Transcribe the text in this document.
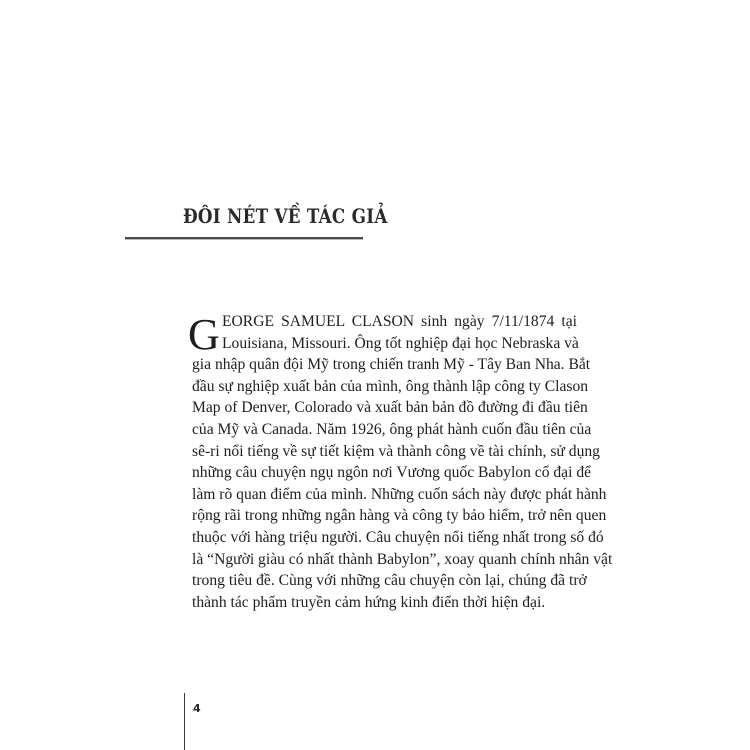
ĐÔI NÉT VỀ TÁC GIẢ
G EORGE SAMUEL CLASON sinh ngày 7/11/1874 tại
Louisiana, Missouri. Ông tốt nghiệp đại học Nebraska và
gia nhập quân đội Mỹ trong chiến tranh Mỹ - Tây Ban Nha. Bắt
đầu sự nghiệp xuất bản của mình, ông thành lập công ty Clason
Map of Denver, Colorado và xuất bản bản đồ đường đi đầu tiên
của Mỹ và Canada. Năm 1926, ông phát hành cuốn đầu tiên của
sê-ri nổi tiếng về sự tiết kiệm và thành công về tài chính, sử dụng
những câu chuyện ngụ ngôn nơi Vương quốc Babylon cổ đại để
làm rõ quan điểm của mình. Những cuốn sách này được phát hành
rộng rãi trong những ngân hàng và công ty bảo hiểm, trở nên quen
thuộc với hàng triệu người. Câu chuyện nổi tiếng nhất trong số đó
là “Người giàu có nhất thành Babylon”, xoay quanh chính nhân vật
trong tiêu đề. Cùng với những câu chuyện còn lại, chúng đã trở
thành tác phẩm truyền cảm hứng kinh điển thời hiện đại.
4
